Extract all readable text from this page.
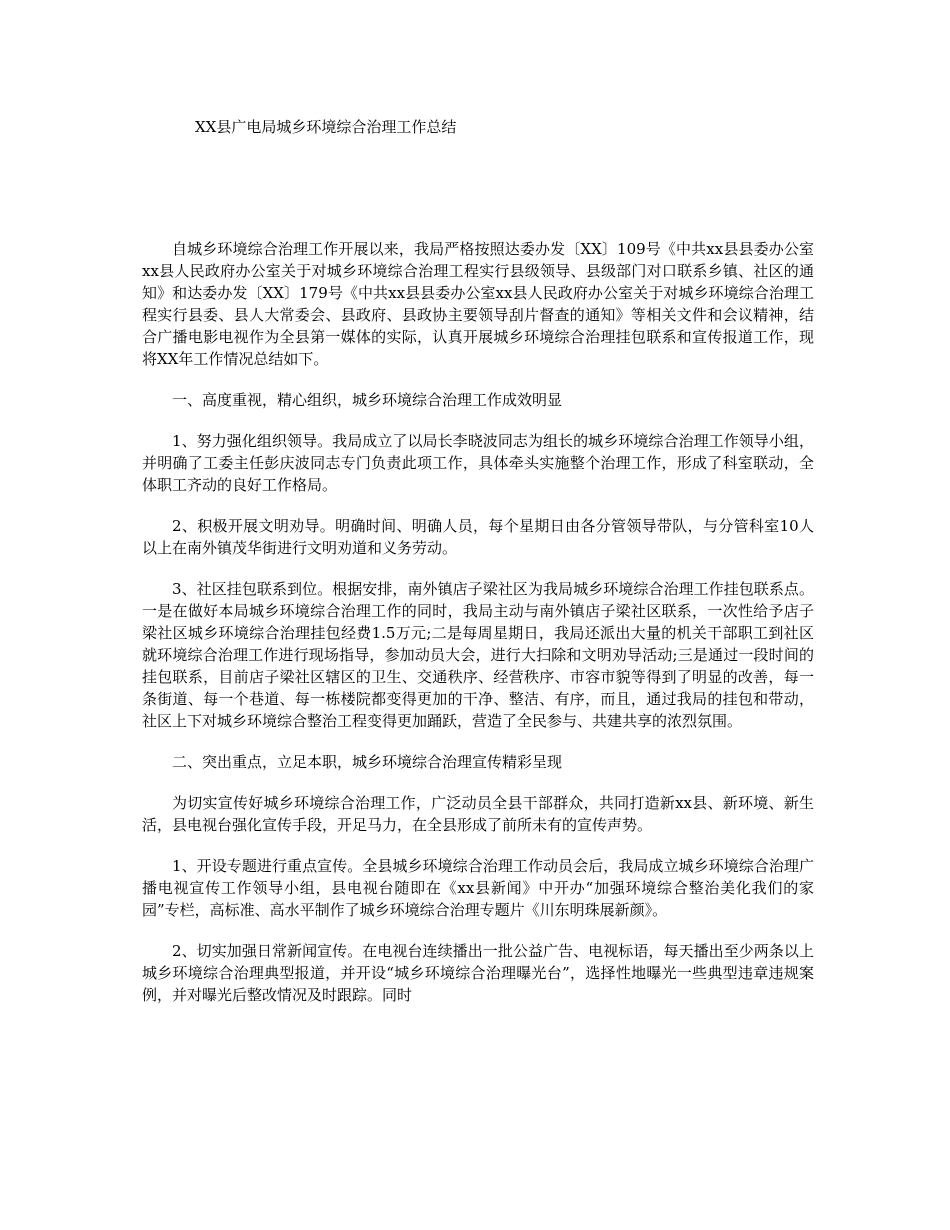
XX县广电局城乡环境综合治理工作总结

自城乡环境综合治理工作开展以来，我局严格按照达委办发〔XX〕109号《中共xx县县委办公室xx县人民政府办公室关于对城乡环境综合治理工程实行县级领导、县级部门对口联系乡镇、社区的通知》和达委办发〔XX〕179号《中共xx县县委办公室xx县人民政府办公室关于对城乡环境综合治理工程实行县委、县人大常委会、县政府、县政协主要领导刮片督查的通知》等相关文件和会议精神，结合广播电影电视作为全县第一媒体的实际，认真开展城乡环境综合治理挂包联系和宣传报道工作，现将XX年工作情况总结如下。

一、高度重视，精心组织，城乡环境综合治理工作成效明显

1、努力强化组织领导。我局成立了以局长李晓波同志为组长的城乡环境综合治理工作领导小组，并明确了工委主任彭庆波同志专门负责此项工作，具体牵头实施整个治理工作，形成了科室联动，全体职工齐动的良好工作格局。

2、积极开展文明劝导。明确时间、明确人员，每个星期日由各分管领导带队，与分管科室10人以上在南外镇茂华街进行文明劝道和义务劳动。

3、社区挂包联系到位。根据安排，南外镇店子梁社区为我局城乡环境综合治理工作挂包联系点。一是在做好本局城乡环境综合治理工作的同时，我局主动与南外镇店子梁社区联系，一次性给予店子梁社区城乡环境综合治理挂包经费1.5万元;二是每周星期日，我局还派出大量的机关干部职工到社区就环境综合治理工作进行现场指导，参加动员大会，进行大扫除和文明劝导活动;三是通过一段时间的挂包联系，目前店子梁社区辖区的卫生、交通秩序、经营秩序、市容市貌等得到了明显的改善，每一条街道、每一个巷道、每一栋楼院都变得更加的干净、整洁、有序，而且，通过我局的挂包和带动，社区上下对城乡环境综合整治工程变得更加踊跃，营造了全民参与、共建共享的浓烈氛围。

二、突出重点，立足本职，城乡环境综合治理宣传精彩呈现

为切实宣传好城乡环境综合治理工作，广泛动员全县干部群众，共同打造新xx县、新环境、新生活，县电视台强化宣传手段，开足马力，在全县形成了前所未有的宣传声势。

1、开设专题进行重点宣传。全县城乡环境综合治理工作动员会后，我局成立城乡环境综合治理广播电视宣传工作领导小组，县电视台随即在《xx县新闻》中开办“加强环境综合整治美化我们的家园”专栏，高标准、高水平制作了城乡环境综合治理专题片《川东明珠展新颜》。

2、切实加强日常新闻宣传。在电视台连续播出一批公益广告、电视标语，每天播出至少两条以上城乡环境综合治理典型报道，并开设“城乡环境综合治理曝光台”，选择性地曝光一些典型违章违规案例，并对曝光后整改情况及时跟踪。同时
